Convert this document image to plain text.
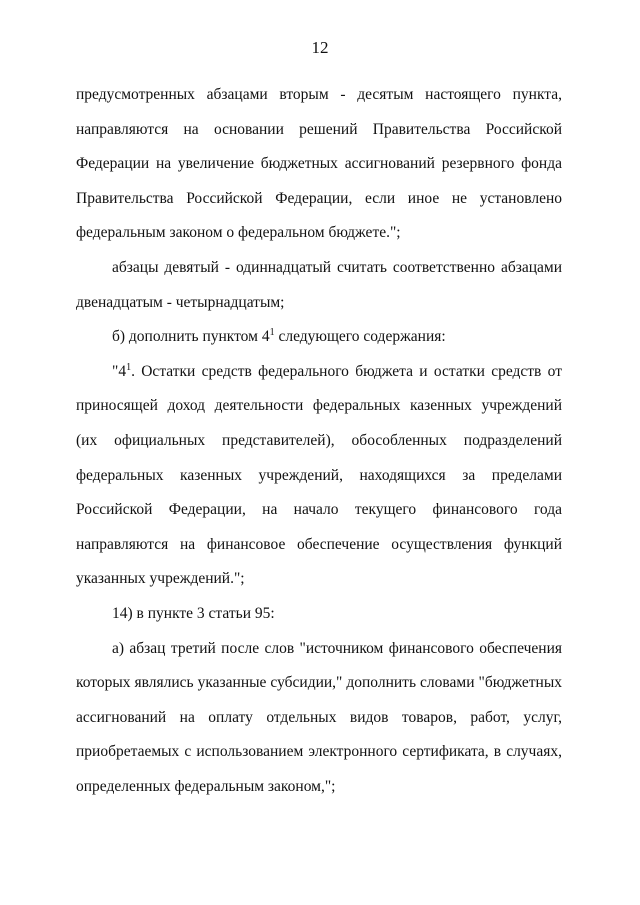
12
предусмотренных абзацами вторым - десятым настоящего пункта,
направляются на основании решений Правительства Российской
Федерации на увеличение бюджетных ассигнований резервного фонда
Правительства Российской Федерации, если иное не установлено
федеральным законом о федеральном бюджете.";
абзацы девятый - одиннадцатый считать соответственно абзацами
двенадцатым - четырнадцатым;
б) дополнить пунктом $4^1$ следующего содержания:
"$4^1$. Остатки средств федерального бюджета и остатки средств от
приносящей доход деятельности федеральных казенных учреждений
(их официальных представителей), обособленных подразделений
федеральных казенных учреждений, находящихся за пределами
Российской Федерации, на начало текущего финансового года
направляются на финансовое обеспечение осуществления функций
указанных учреждений.";
14) в пункте 3 статьи 95:
а) абзац третий после слов "источником финансового обеспечения
которых являлись указанные субсидии," дополнить словами "бюджетных
ассигнований на оплату отдельных видов товаров, работ, услуг,
приобретаемых с использованием электронного сертификата, в случаях,
определенных федеральным законом,";
